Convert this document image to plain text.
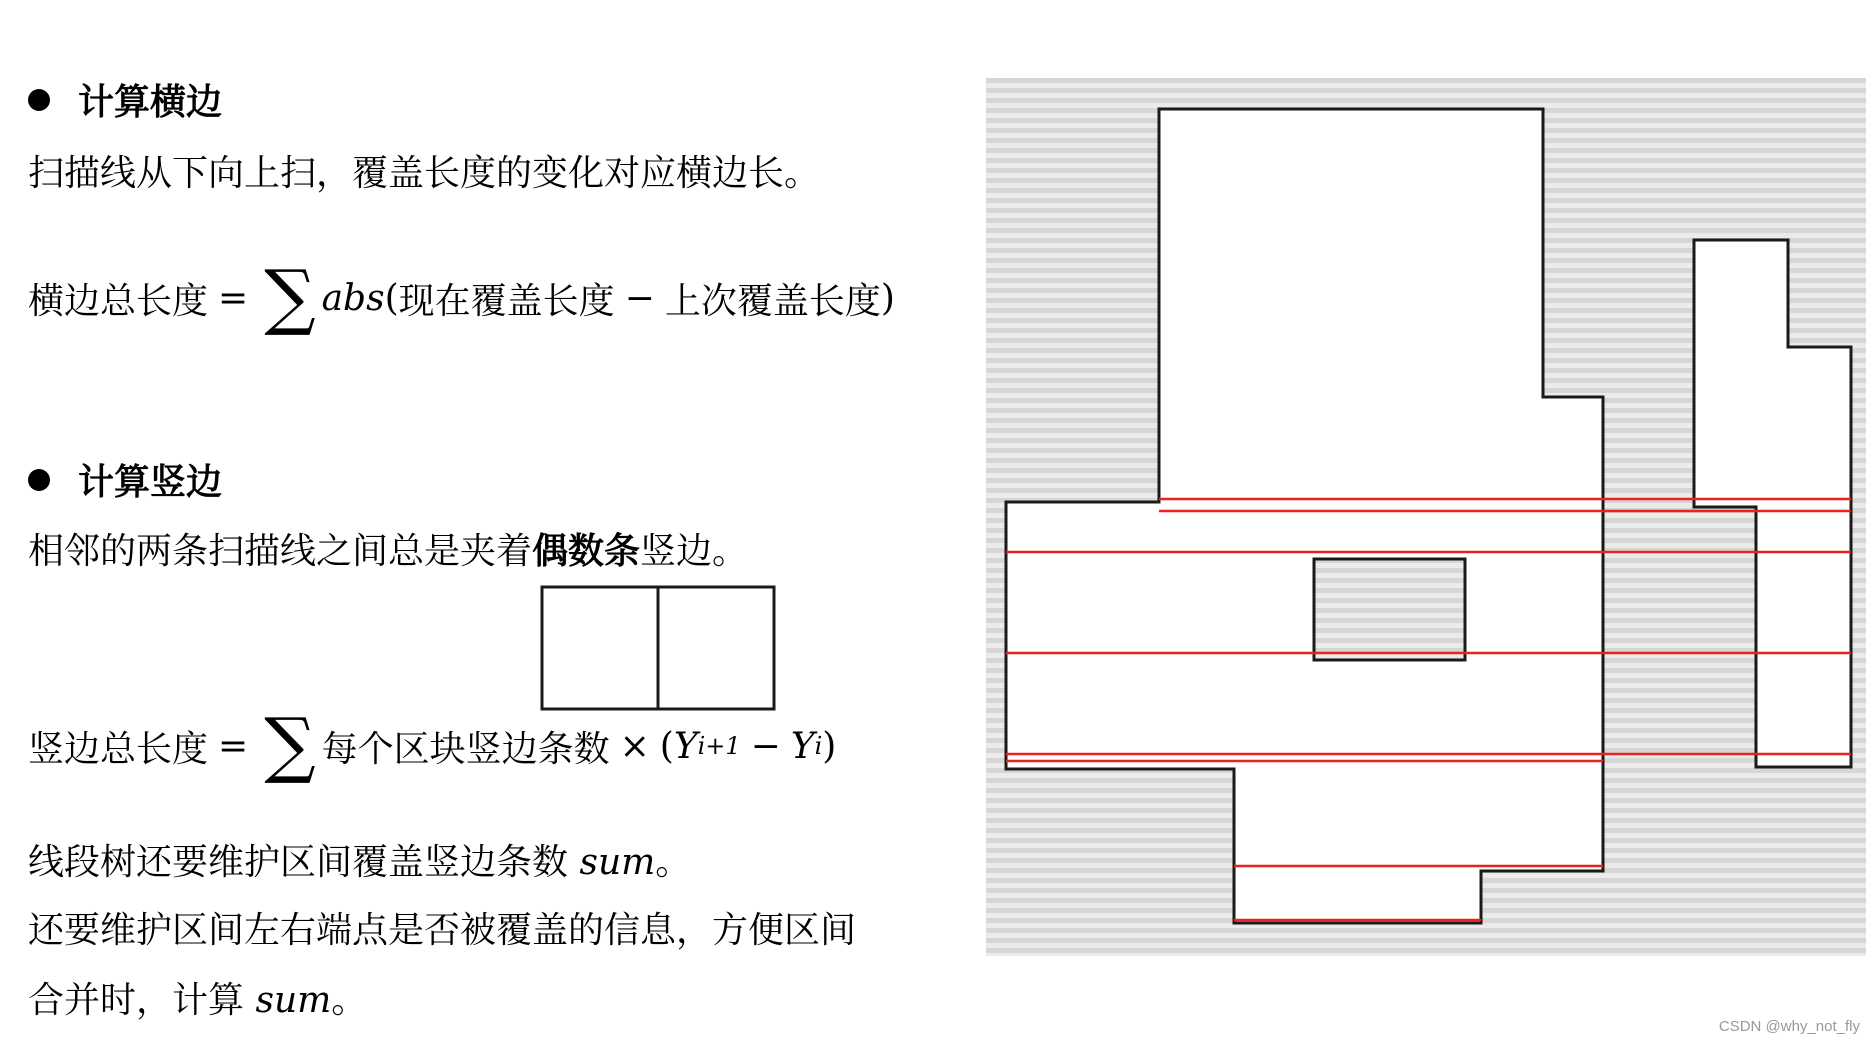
计算横边
扫描线从下向上扫，覆盖长度的变化对应横边长。
横边总长度 = ∑ abs ( 现在覆盖长度 − 上次覆盖长度 )
计算竖边
相邻的两条扫描线之间总是夹着偶数条竖边。
竖边总长度 = ∑ 每个区块竖边条数 × ( Y i+1 − Y i )
线段树还要维护区间覆盖竖边条数 sum。
还要维护区间左右端点是否被覆盖的信息，方便区间
合并时，计算 sum。
CSDN @why_not_fly
